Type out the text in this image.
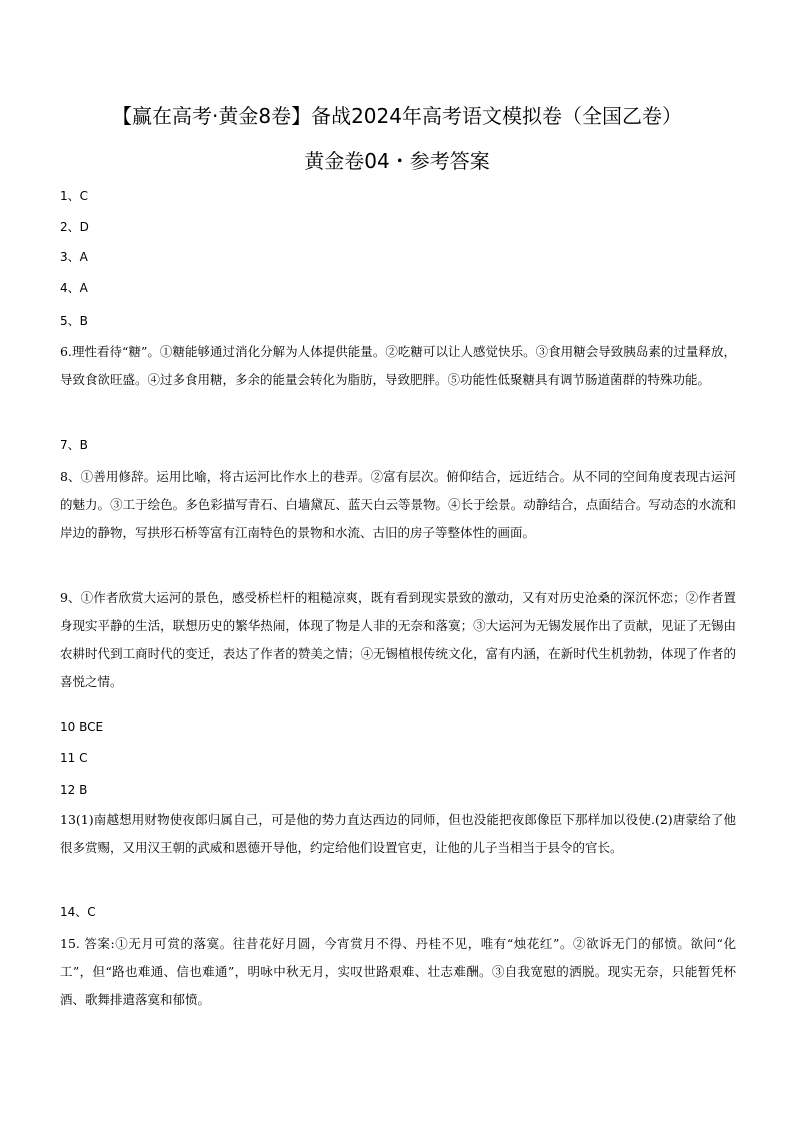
【赢在高考·黄金8卷】备战2024年高考语文模拟卷（全国乙卷）
黄金卷04・参考答案
1、C
2、D
3、A
4、A
5、B
6.理性看待“糖”。①糖能够通过消化分解为人体提供能量。②吃糖可以让人感觉快乐。③食用糖会导致胰岛素的过量释放，导致食欲旺盛。④过多食用糖，多余的能量会转化为脂肪，导致肥胖。⑤功能性低聚糖具有调节肠道菌群的特殊功能。
7、B
8、①善用修辞。运用比喻，将古运河比作水上的巷弄。②富有层次。俯仰结合，远近结合。从不同的空间角度表现古运河的魅力。③工于绘色。多色彩描写青石、白墙黛瓦、蓝天白云等景物。④长于绘景。动静结合，点面结合。写动态的水流和岸边的静物，写拱形石桥等富有江南特色的景物和水流、古旧的房子等整体性的画面。
9、①作者欣赏大运河的景色，感受桥栏杆的粗糙凉爽，既有看到现实景致的激动，又有对历史沧桑的深沉怀恋；②作者置身现实平静的生活，联想历史的繁华热闹，体现了物是人非的无奈和落寞；③大运河为无锡发展作出了贡献，见证了无锡由农耕时代到工商时代的变迁，表达了作者的赞美之情；④无锡植根传统文化，富有内涵，在新时代生机勃勃，体现了作者的喜悦之情。
10 BCE
11 C
12 B
13(1)南越想用财物使夜郎归属自己，可是他的势力直达西边的同师，但也没能把夜郎像臣下那样加以役使.(2)唐蒙给了他很多赏赐，又用汉王朝的武威和恩德开导他，约定给他们设置官吏，让他的儿子当相当于县令的官长。
14、C
15. 答案:①无月可赏的落寞。往昔花好月圆，今宵赏月不得、丹桂不见，唯有“烛花红”。②欲诉无门的郁愤。欲问“化工”，但“路也难通、信也难通”，明咏中秋无月，实叹世路艰难、壮志难酬。③自我宽慰的洒脱。现实无奈，只能暂凭杯酒、歌舞排遣落寞和郁愤。
